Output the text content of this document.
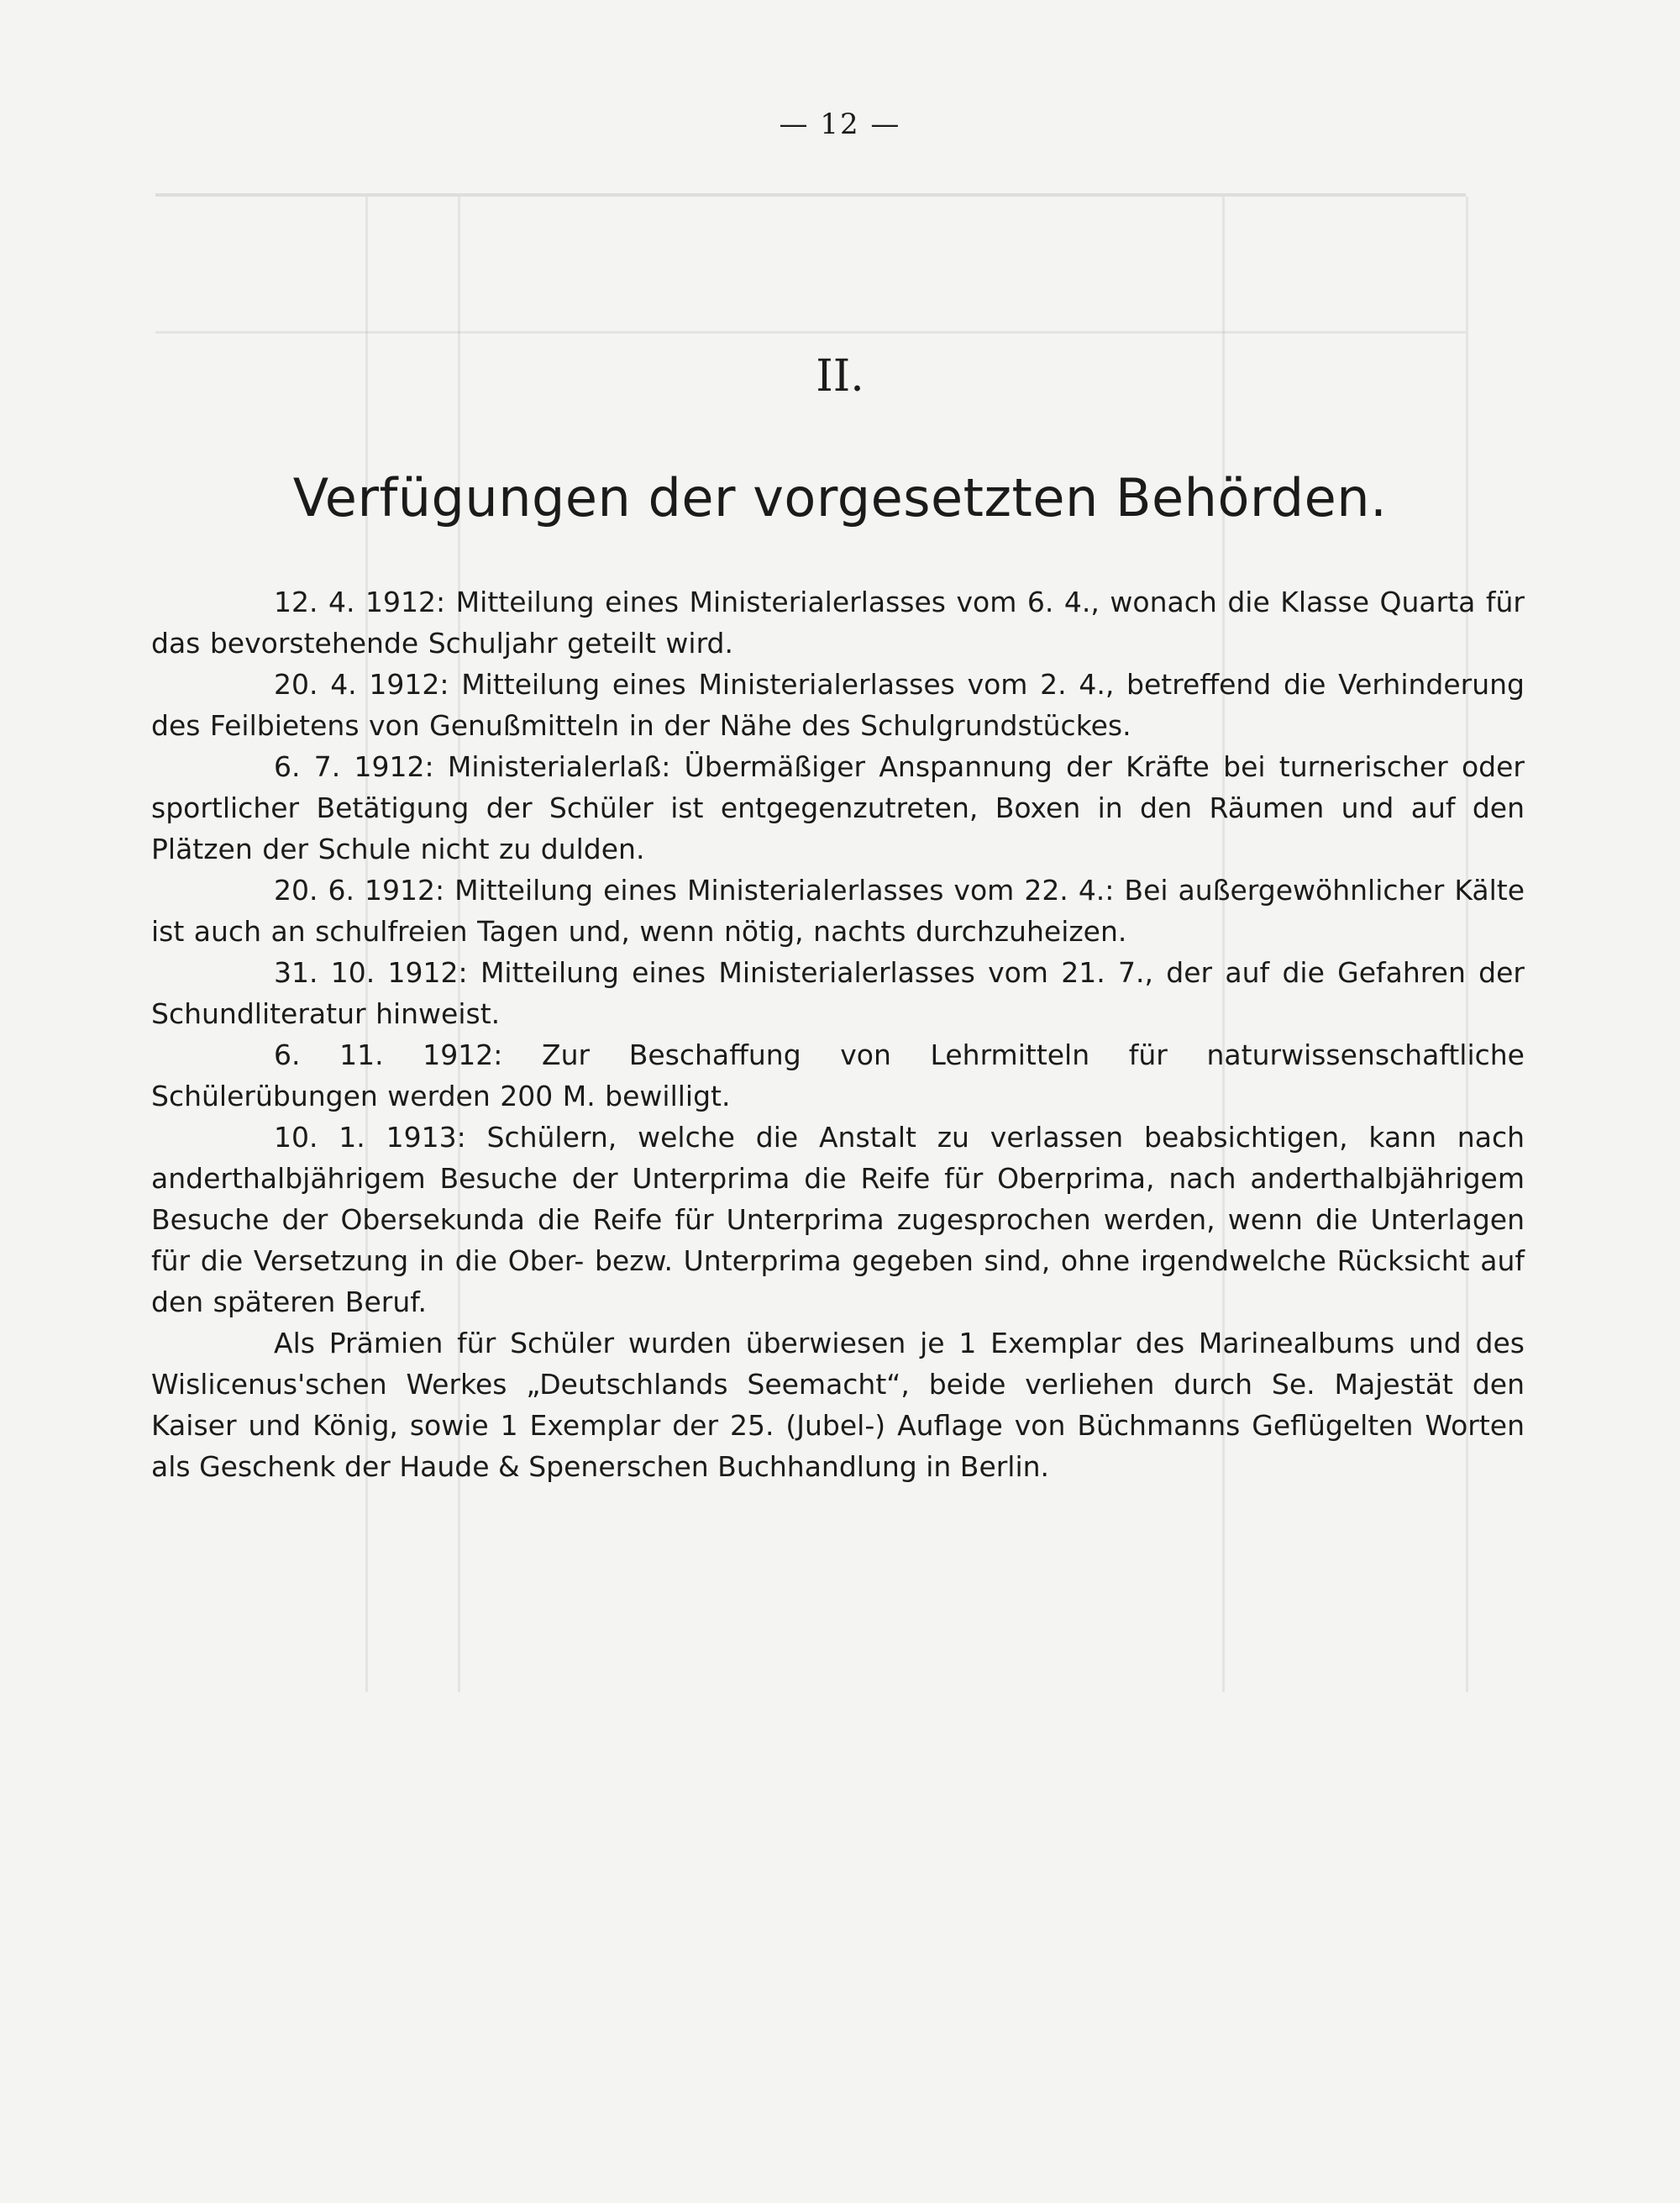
— 12 —
II.
Verfügungen der vorgesetzten Behörden.

12. 4. 1912: Mitteilung eines Ministerialerlasses vom 6. 4., wonach die Klasse Quarta für das bevorstehende Schuljahr geteilt wird.

20. 4. 1912: Mitteilung eines Ministerialerlasses vom 2. 4., betreffend die Verhinderung des Feilbietens von Genußmitteln in der Nähe des Schulgrundstückes.

6. 7. 1912: Ministerialerlaß: Übermäßiger Anspannung der Kräfte bei turnerischer oder sportlicher Betätigung der Schüler ist entgegenzutreten, Boxen in den Räumen und auf den Plätzen der Schule nicht zu dulden.

20. 6. 1912: Mitteilung eines Ministerialerlasses vom 22. 4.: Bei außergewöhnlicher Kälte ist auch an schulfreien Tagen und, wenn nötig, nachts durchzuheizen.

31. 10. 1912: Mitteilung eines Ministerialerlasses vom 21. 7., der auf die Gefahren der Schundliteratur hinweist.

6. 11. 1912: Zur Beschaffung von Lehrmitteln für naturwissenschaftliche Schülerübungen werden 200 M. bewilligt.

10. 1. 1913: Schülern, welche die Anstalt zu verlassen beabsichtigen, kann nach anderthalbjährigem Besuche der Unterprima die Reife für Oberprima, nach anderthalbjährigem Besuche der Obersekunda die Reife für Unterprima zugesprochen werden, wenn die Unterlagen für die Versetzung in die Ober- bezw. Unterprima gegeben sind, ohne irgendwelche Rücksicht auf den späteren Beruf.

Als Prämien für Schüler wurden überwiesen je 1 Exemplar des Marinealbums und des Wislicenus'schen Werkes „Deutschlands Seemacht“, beide verliehen durch Se. Majestät den Kaiser und König, sowie 1 Exemplar der 25. (Jubel-) Auflage von Büchmanns Geflügelten Worten als Geschenk der Haude & Spenerschen Buchhandlung in Berlin.
